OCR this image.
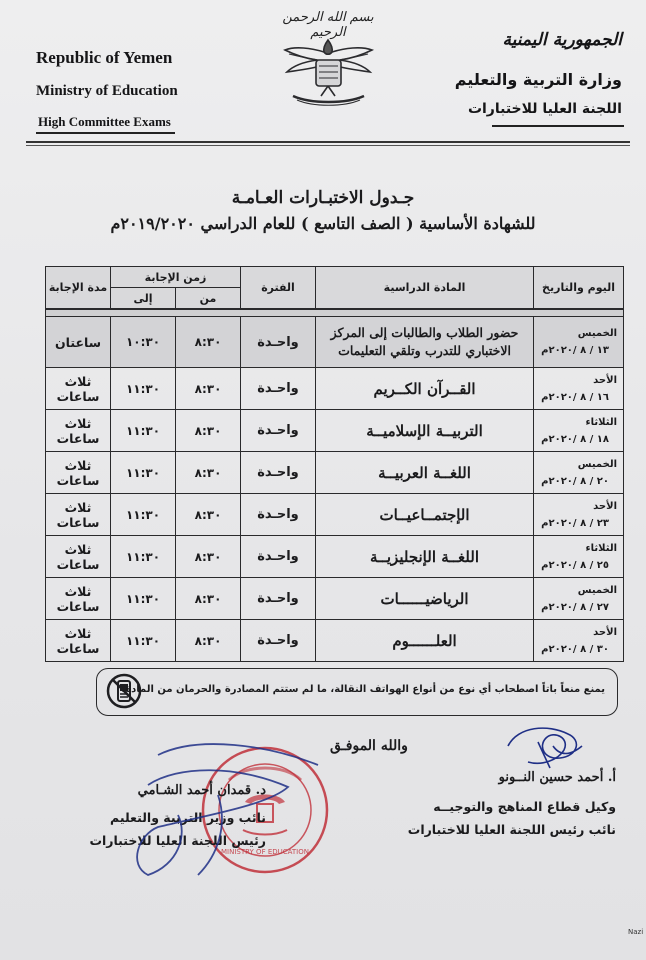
Republic of Yemen
Ministry of Education
High Committee Exams
بسم الله الرحمن الرحيم	الجمهورية اليمنية
وزارة التربية والتعليم
اللجنة العليا للاختبارات
جـدول الاختبـارات العـامـة
للشهادة الأساسية ( الصف التاسع ) للعام الدراسي ٢٠١٩/٢٠٢٠م
اليوم والتاريخ	المادة الدراسية	الفترة	زمن الإجابة		مدة الإجابة
			من	إلى	

الخميس
١٣ / ٨ /٢٠٢٠م	حضور الطلاب والطالبات إلى المركز الاختباري للتدرب وتلقي التعليمات	واحـدة	٨:٣٠	١٠:٣٠	ساعتان

الأحد
١٦ / ٨ /٢٠٢٠م	القــرآن الكــريم	واحـدة	٨:٣٠	١١:٣٠	ثلاث ساعات

الثلاثاء
١٨ / ٨ /٢٠٢٠م	التربيــة الإسلاميــة	واحـدة	٨:٣٠	١١:٣٠	ثلاث ساعات

الخميس
٢٠ / ٨ /٢٠٢٠م	اللغــة العربيــة	واحـدة	٨:٣٠	١١:٣٠	ثلاث ساعات

الأحد
٢٣ / ٨ /٢٠٢٠م	الإجتمــاعيــات	واحـدة	٨:٣٠	١١:٣٠	ثلاث ساعات

الثلاثاء
٢٥ / ٨ /٢٠٢٠م	اللغــة الإنجليزيــة	واحـدة	٨:٣٠	١١:٣٠	ثلاث ساعات

الخميس
٢٧ / ٨ /٢٠٢٠م	الرياضيــــــات	واحـدة	٨:٣٠	١١:٣٠	ثلاث ساعات

الأحد
٣٠ / ٨ /٢٠٢٠م	العلــــــوم	واحـدة	٨:٣٠	١١:٣٠	ثلاث ساعات
يمنع منعاً باتاً اصطحاب أي نوع من أنواع الهواتف النقالة، ما لم ستتم المصادرة والحرمان من المادة.
والله الموفـق
أ. أحمد حسين النــونو
وكيل قطاع المناهج والتوجيــه
نائب رئيس اللجنة العليا للاختبارات
MINISTRY OF EDUCATION
د. قمدان أحمد الشـامي
نائب وزير التربية والتعليم
رئيس اللجنة العليا للاختبارات
Nazi
